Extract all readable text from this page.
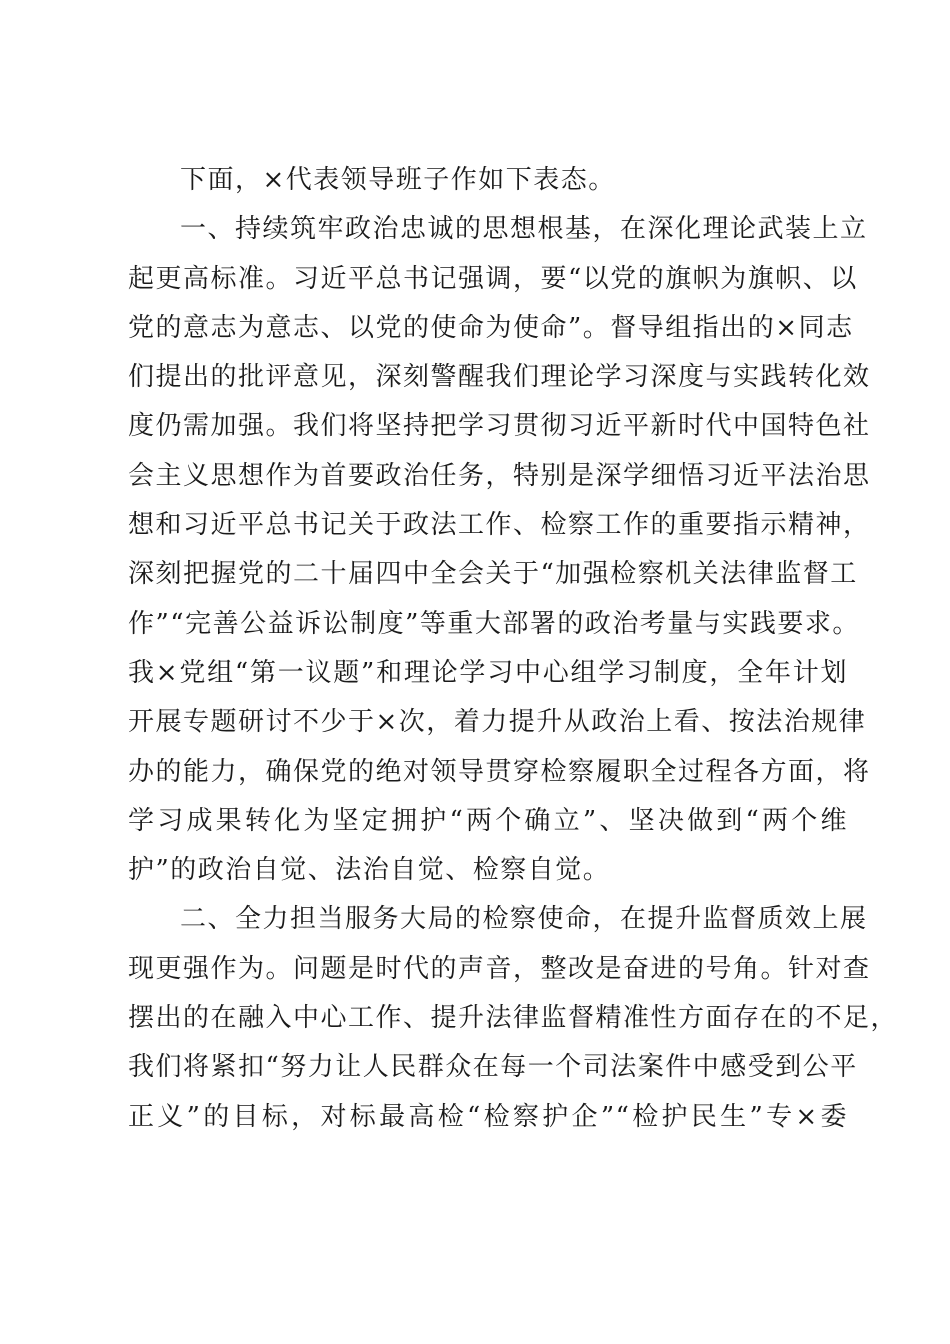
下面，×代表领导班子作如下表态。
一、持续筑牢政治忠诚的思想根基，在深化理论武装上立
起更高标准。习近平总书记强调，要“以党的旗帜为旗帜、以
党的意志为意志、以党的使命为使命”。督导组指出的×同志
们提出的批评意见，深刻警醒我们理论学习深度与实践转化效
度仍需加强。我们将坚持把学习贯彻习近平新时代中国特色社
会主义思想作为首要政治任务，特别是深学细悟习近平法治思
想和习近平总书记关于政法工作、检察工作的重要指示精神，
深刻把握党的二十届四中全会关于“加强检察机关法律监督工
作”“完善公益诉讼制度”等重大部署的政治考量与实践要求。
我×党组“第一议题”和理论学习中心组学习制度，全年计划
开展专题研讨不少于×次，着力提升从政治上看、按法治规律
办的能力，确保党的绝对领导贯穿检察履职全过程各方面，将
学习成果转化为坚定拥护“两个确立”、坚决做到“两个维
护”的政治自觉、法治自觉、检察自觉。
二、全力担当服务大局的检察使命，在提升监督质效上展
现更强作为。问题是时代的声音，整改是奋进的号角。针对查
摆出的在融入中心工作、提升法律监督精准性方面存在的不足，
我们将紧扣“努力让人民群众在每一个司法案件中感受到公平
正义”的目标，对标最高检“检察护企”“检护民生”专×委
